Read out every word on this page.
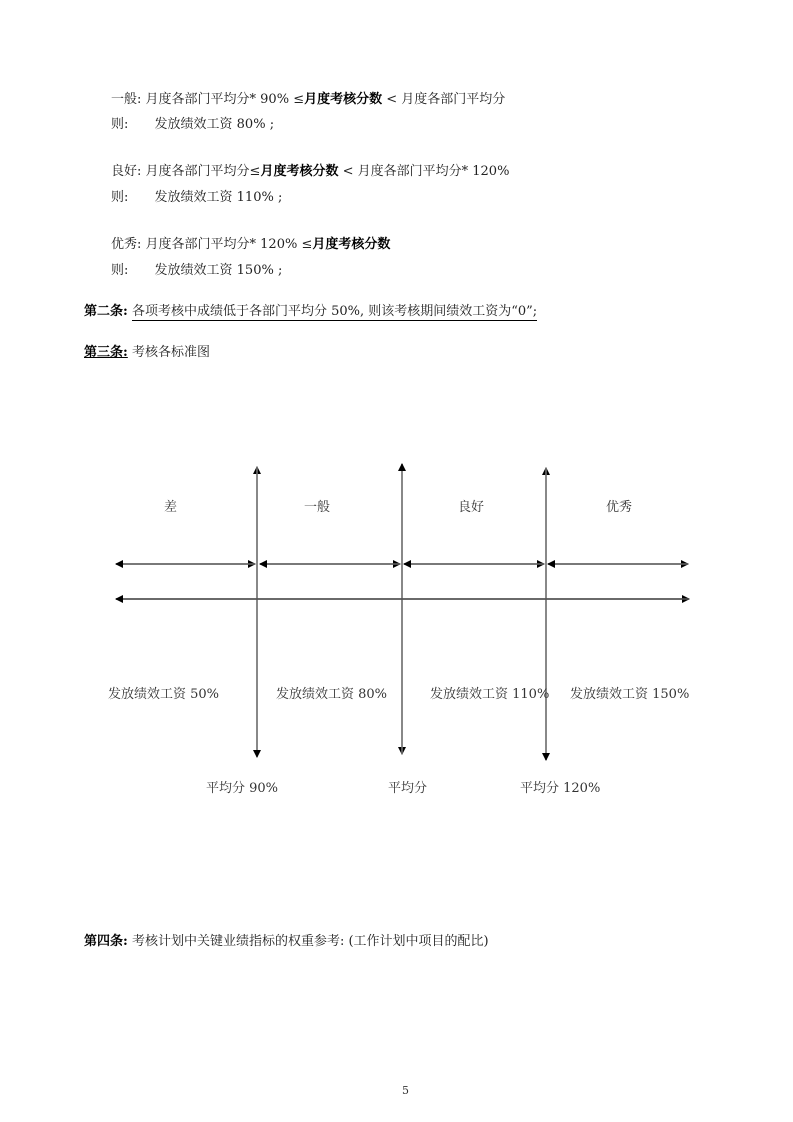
一般: 月度各部门平均分* 90% ≤月度考核分数 < 月度各部门平均分
则: 发放绩效工资 80% ;
良好: 月度各部门平均分≤月度考核分数 < 月度各部门平均分* 120%
则: 发放绩效工资 110% ;
优秀: 月度各部门平均分* 120% ≤月度考核分数
则: 发放绩效工资 150% ;
第二条: 各项考核中成绩低于各部门平均分 50%, 则该考核期间绩效工资为“0”;
第三条: 考核各标准图
差	一般	良好	优秀
发放绩效工资 50%	发放绩效工资 80%	发放绩效工资 110% 发放绩效工资 150%
平均分 90%	平均分	平均分 120%
第四条: 考核计划中关键业绩指标的权重参考: (工作计划中项目的配比)
5
